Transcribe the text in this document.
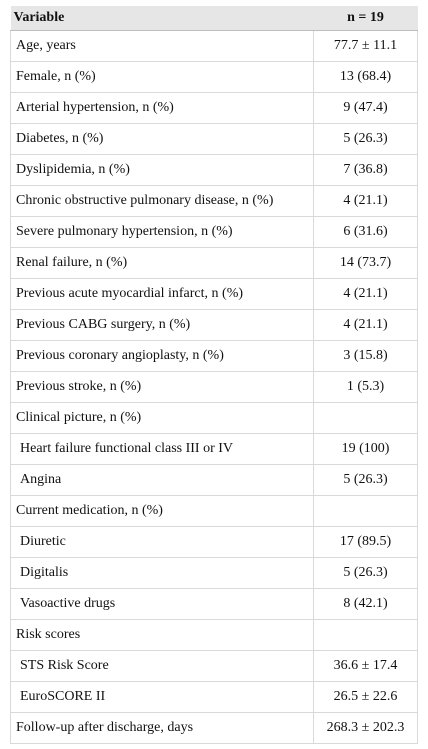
Variable	n = 19
Age, years	77.7 ± 11.1
Female, n (%)	13 (68.4)
Arterial hypertension, n (%)	9 (47.4)
Diabetes, n (%)	5 (26.3)
Dyslipidemia, n (%)	7 (36.8)
Chronic obstructive pulmonary disease, n (%)	4 (21.1)
Severe pulmonary hypertension, n (%)	6 (31.6)
Renal failure, n (%)	14 (73.7)
Previous acute myocardial infarct, n (%)	4 (21.1)
Previous CABG surgery, n (%)	4 (21.1)
Previous coronary angioplasty, n (%)	3 (15.8)
Previous stroke, n (%)	1 (5.3)
Clinical picture, n (%)	
Heart failure functional class III or IV	19 (100)
Angina	5 (26.3)
Current medication, n (%)	
Diuretic	17 (89.5)
Digitalis	5 (26.3)
Vasoactive drugs	8 (42.1)
Risk scores	
STS Risk Score	36.6 ± 17.4
EuroSCORE II	26.5 ± 22.6
Follow-up after discharge, days	268.3 ± 202.3
